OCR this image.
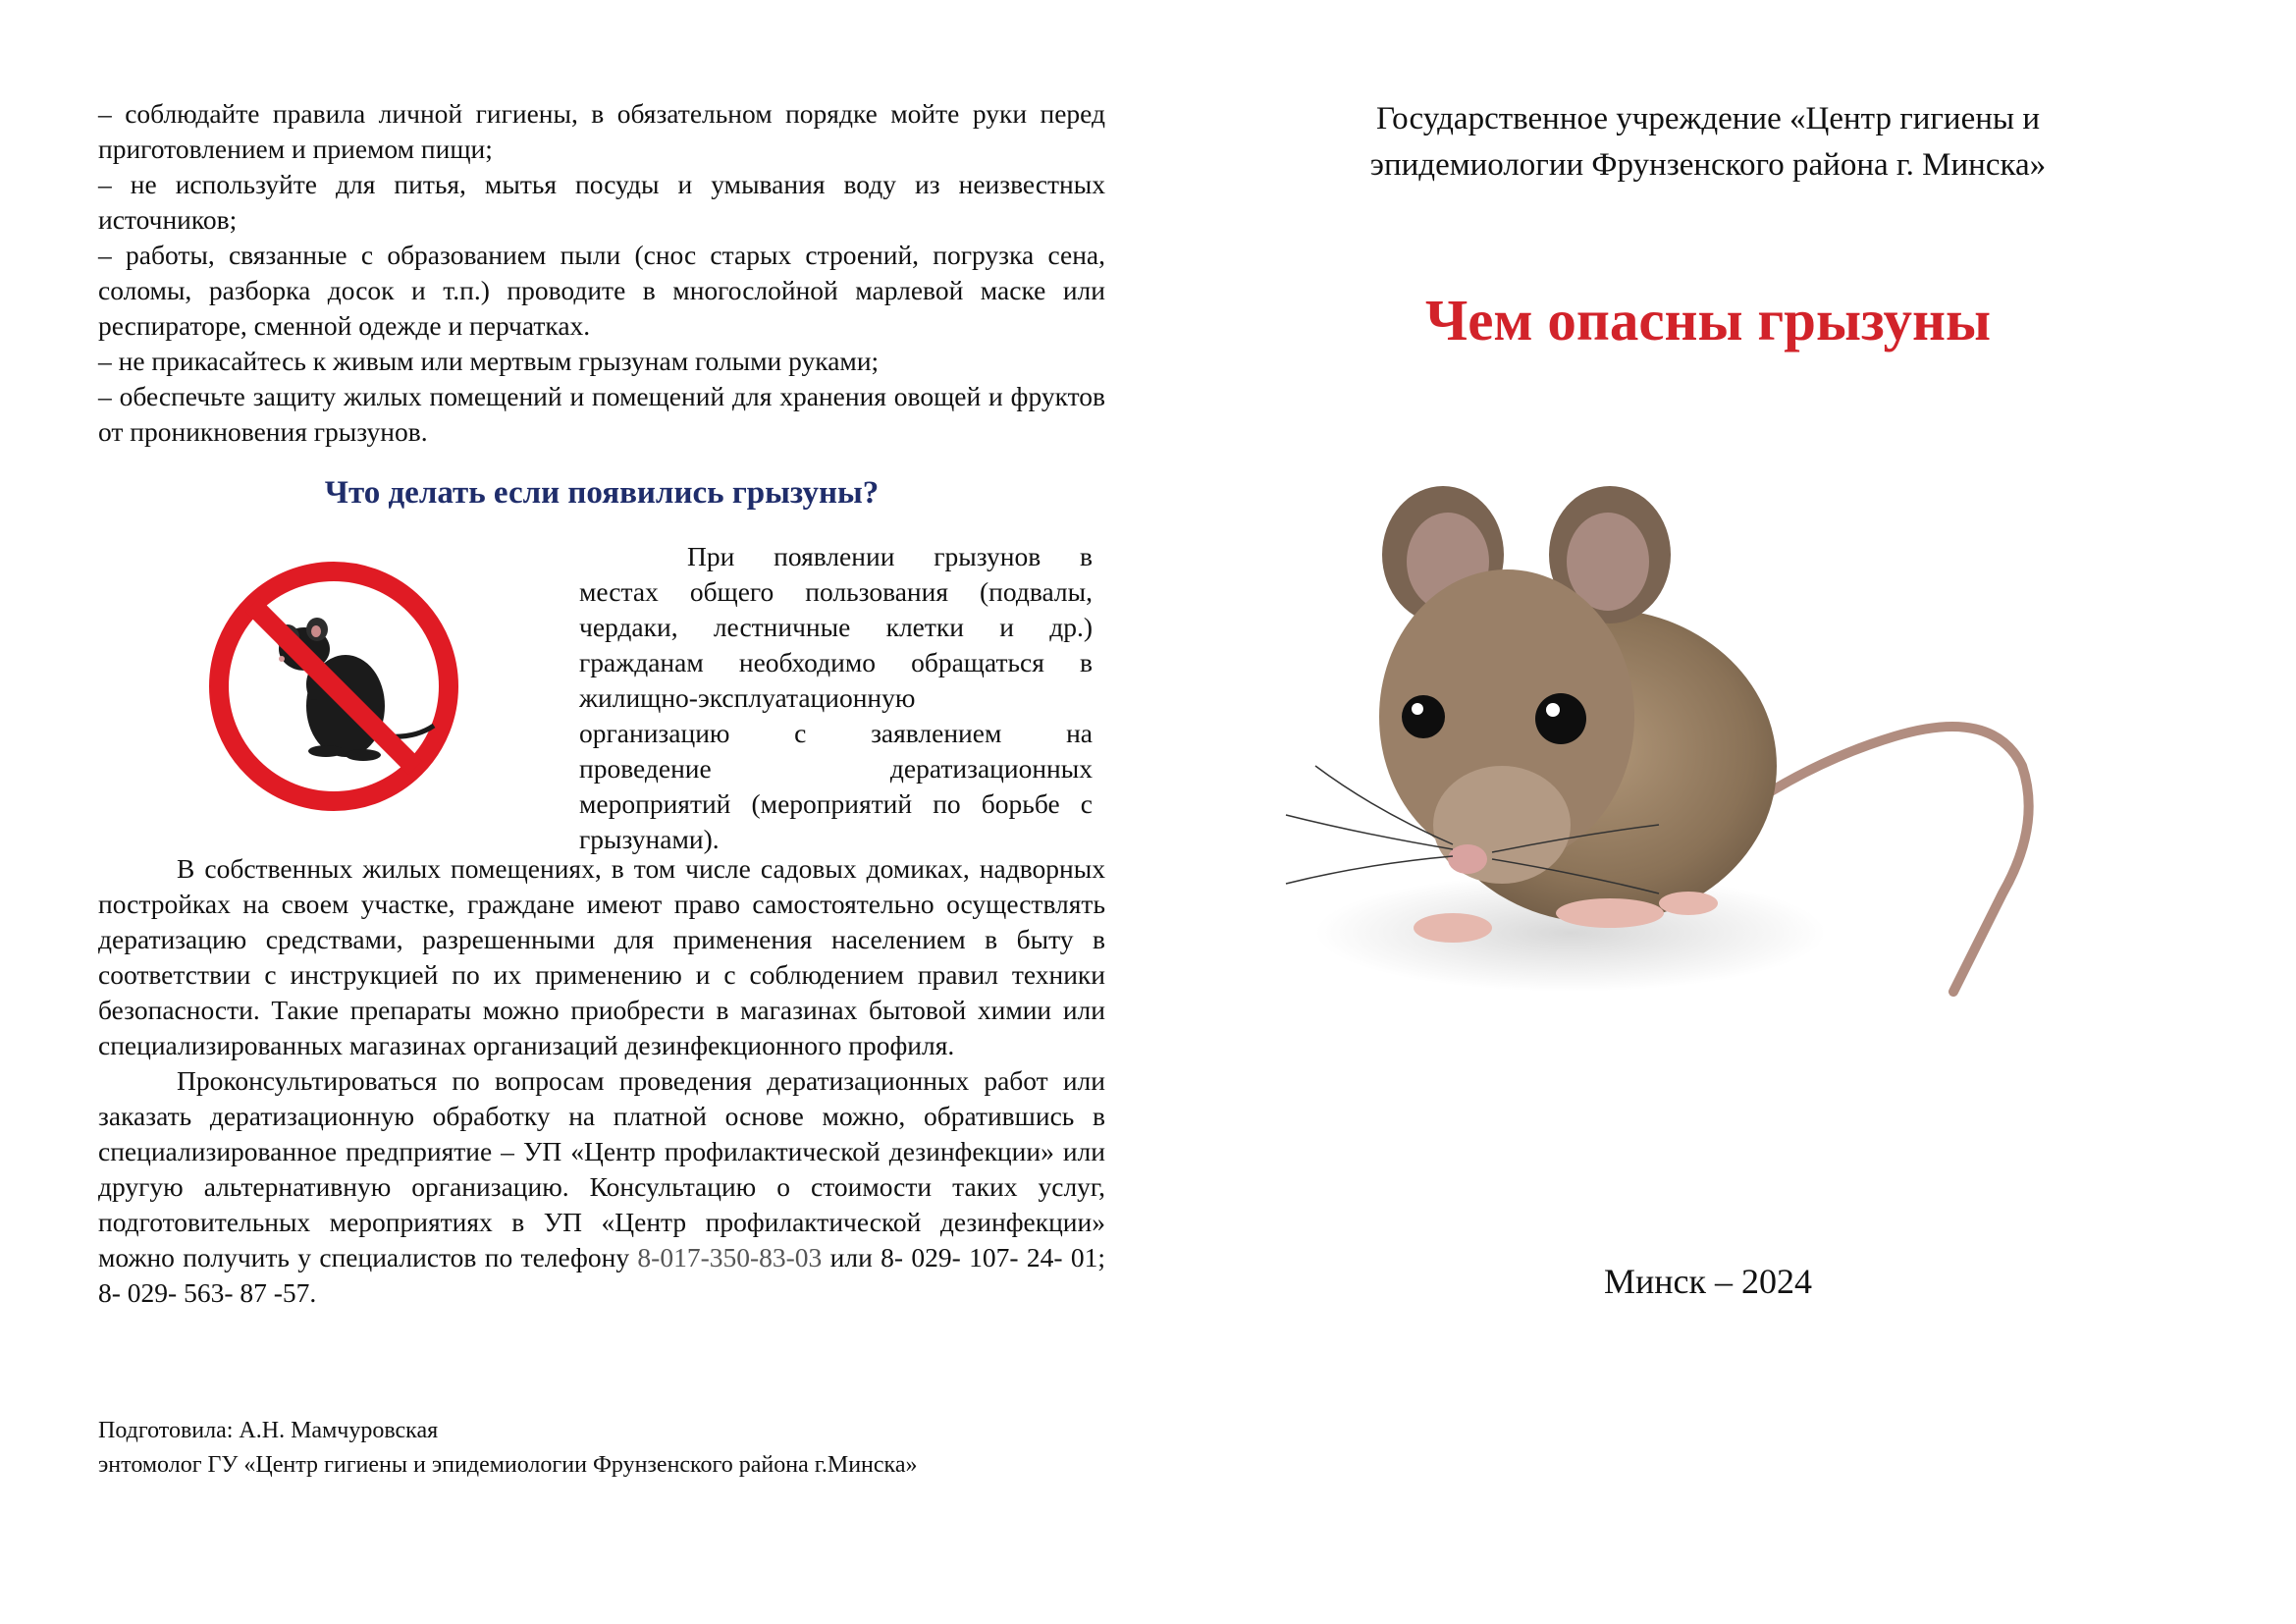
– соблюдайте правила личной гигиены, в обязательном порядке мойте руки перед приготовлением и приемом пищи;

– не используйте для питья, мытья посуды и умывания воду из неизвестных источников;

– работы, связанные с образованием пыли (снос старых строений, погрузка сена, соломы, разборка досок и т.п.) проводите в многослойной марлевой маске или респираторе, сменной одежде и перчатках.

– не прикасайтесь к живым или мертвым грызунам голыми руками;

– обеспечьте защиту жилых помещений и помещений для хранения овощей и фруктов от проникновения грызунов.

Что делать если появились грызуны?
При появлении грызунов в
местах общего пользования (подвалы,
чердаки, лестничные клетки и др.)
гражданам необходимо обращаться в
жилищно-эксплуатационную
организацию с заявлением на
проведение дератизационных
мероприятий (мероприятий по борьбе с
грызунами).

В собственных жилых помещениях, в том числе садовых домиках, надворных постройках на своем участке, граждане имеют право самостоятельно осуществлять дератизацию средствами, разрешенными для применения населением в быту в соответствии с инструкцией по их применению и с соблюдением правил техники безопасности. Такие препараты можно приобрести в магазинах бытовой химии или специализированных магазинах организаций дезинфекционного профиля.

Проконсультироваться по вопросам проведения дератизационных работ или заказать дератизационную обработку на платной основе можно, обратившись в специализированное предприятие – УП «Центр профилактической дезинфекции» или другую альтернативную организацию. Консультацию о стоимости таких услуг, подготовительных мероприятиях в УП «Центр профилактической дезинфекции» можно получить у специалистов по телефону 8-017-350-83-03 или 8- 029- 107- 24- 01; 8- 029- 563- 87 -57.

Подготовила: А.Н. Мамчуровская
энтомолог ГУ «Центр гигиены и эпидемиологии Фрунзенского района г.Минска»
Государственное учреждение «Центр гигиены и
эпидемиологии Фрунзенского района г. Минска»
Чем опасны грызуны
Минск – 2024
